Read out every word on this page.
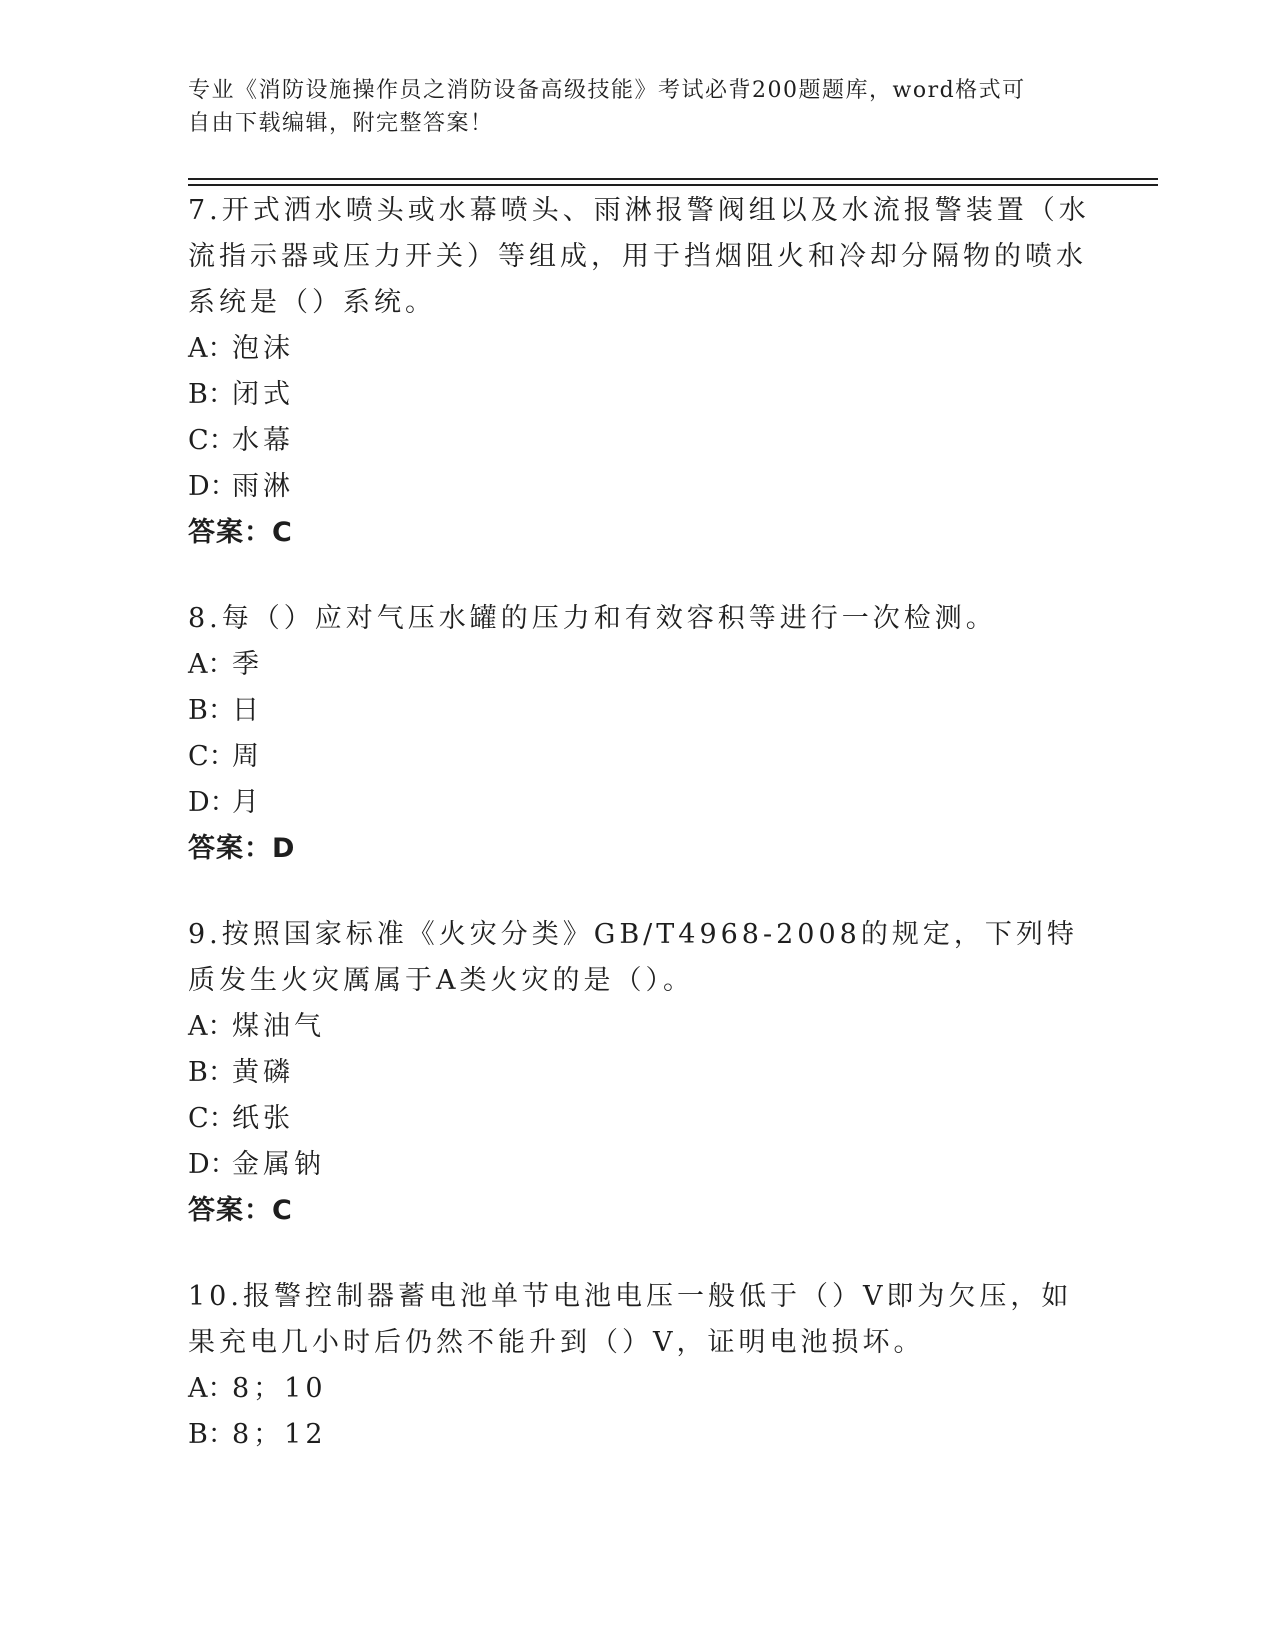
专业《消防设施操作员之消防设备高级技能》考试必背200题题库，word格式可
自由下载编辑，附完整答案！
7.开式洒水喷头或水幕喷头、雨淋报警阀组以及水流报警装置（水流指示器或压力开关）等组成，用于挡烟阻火和冷却分隔物的喷水系统是（）系统。
A：泡沫
B：闭式
C：水幕
D：雨淋
答案：C
8.每（）应对气压水罐的压力和有效容积等进行一次检测。
A：季
B：日
C：周
D：月
答案：D
9.按照国家标准《火灾分类》GB/T4968-2008的规定，下列特质发生火灾厲属于A类火灾的是（）。
A：煤油气
B：黄磷
C：纸张
D：金属钠
答案：C
10.报警控制器蓄电池单节电池电压一般低于（）V即为欠压，如果充电几小时后仍然不能升到（）V，证明电池损坏。
A：8；10
B：8；12
